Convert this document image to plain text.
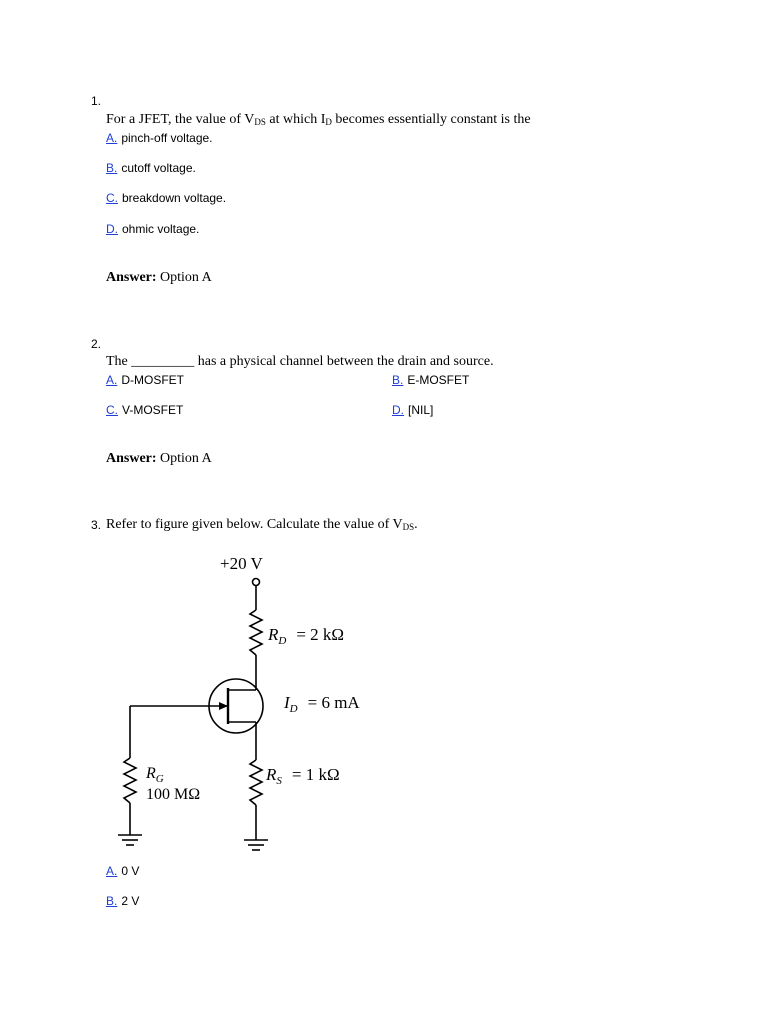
1.
For a JFET, the value of $V_{DS}$ at which $I_D$ becomes essentially constant is the
A. pinch-off voltage.
B. cutoff voltage.
C. breakdown voltage.
D. ohmic voltage.
Answer: Option A
2.
The _________ has a physical channel between the drain and source.
A. D-MOSFET	B. E-MOSFET
C. V-MOSFET	D. [NIL]
Answer: Option A
3. Refer to figure given below. Calculate the value of $V_{DS}$.
+20 V
$R_D = 2$ kΩ
$I_D = 6$ mA
$R_S = 1$ kΩ
$R_G$
100 MΩ
A. 0 V
B. 2 V
